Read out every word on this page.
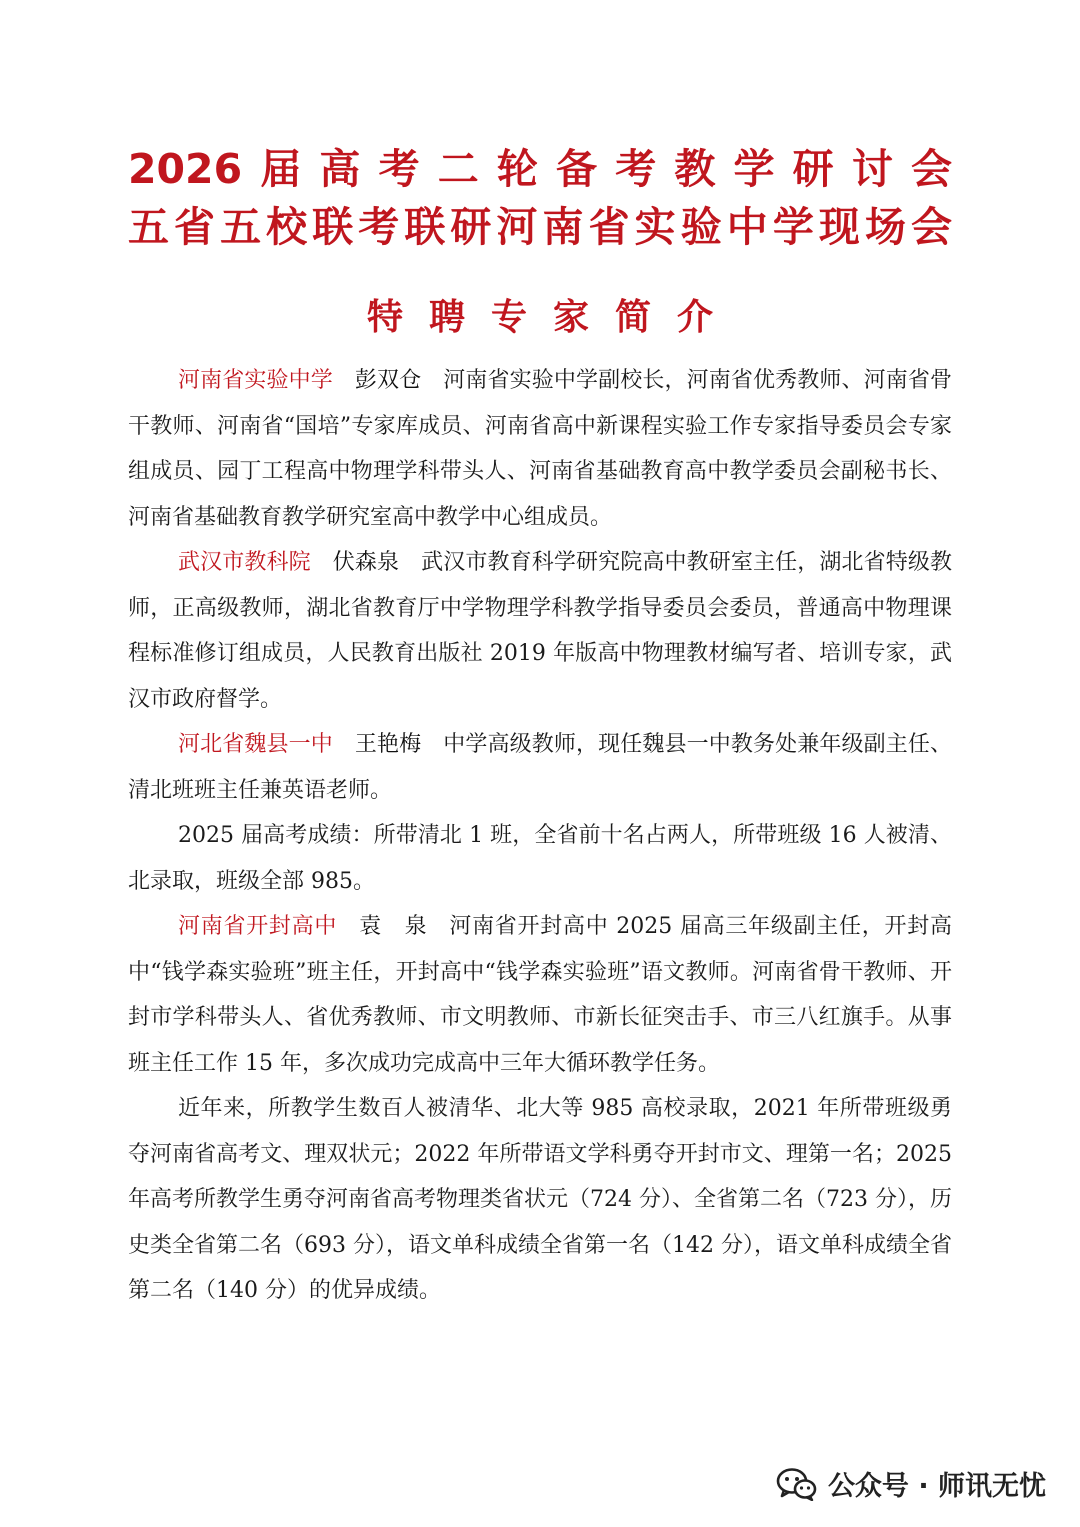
2026届高考二轮备考教学研讨会
五省五校联考联研河南省实验中学现场会
特聘专家简介

河南省实验中学 彭双仓 河南省实验中学副校长，河南省优秀教师、河南省骨干教师、河南省“国培”专家库成员、河南省高中新课程实验工作专家指导委员会专家组成员、园丁工程高中物理学科带头人、河南省基础教育高中教学委员会副秘书长、河南省基础教育教学研究室高中教学中心组成员。

武汉市教科院 伏森泉 武汉市教育科学研究院高中教研室主任，湖北省特级教师，正高级教师，湖北省教育厅中学物理学科教学指导委员会委员，普通高中物理课程标准修订组成员，人民教育出版社 2019 年版高中物理教材编写者、培训专家，武汉市政府督学。

河北省魏县一中 王艳梅 中学高级教师，现任魏县一中教务处兼年级副主任、清北班班主任兼英语老师。

2025 届高考成绩：所带清北 1 班，全省前十名占两人，所带班级 16 人被清、北录取，班级全部 985。

河南省开封高中 袁　泉 河南省开封高中 2025 届高三年级副主任，开封高中“钱学森实验班”班主任，开封高中“钱学森实验班”语文教师。河南省骨干教师、开封市学科带头人、省优秀教师、市文明教师、市新长征突击手、市三八红旗手。从事班主任工作 15 年，多次成功完成高中三年大循环教学任务。

近年来，所教学生数百人被清华、北大等 985 高校录取，2021 年所带班级勇夺河南省高考文、理双状元；2022 年所带语文学科勇夺开封市文、理第一名；2025 年高考所教学生勇夺河南省高考物理类省状元（724 分）、全省第二名（723 分），历史类全省第二名（693 分），语文单科成绩全省第一名（142 分），语文单科成绩全省第二名（140 分）的优异成绩。

公众号 · 师讯无忧
